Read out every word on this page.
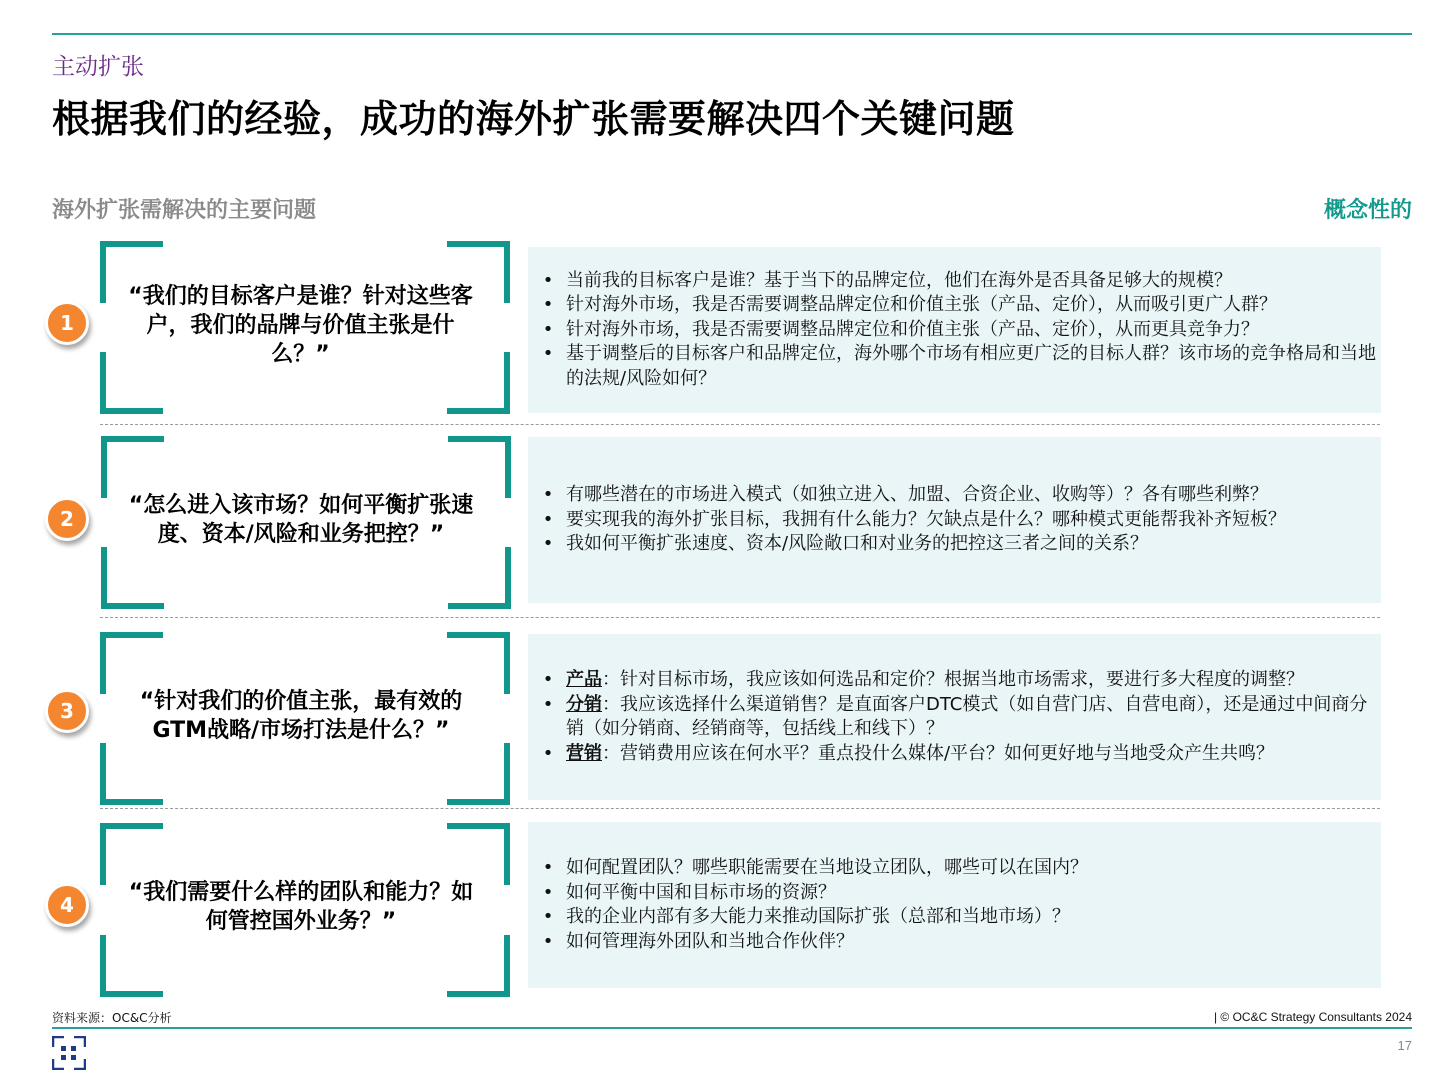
主动扩张
根据我们的经验，成功的海外扩张需要解决四个关键问题
海外扩张需解决的主要问题	概念性的
1
“我们的目标客户是谁？针对这些客户，我们的品牌与价值主张是什么？”
• 当前我的目标客户是谁？基于当下的品牌定位，他们在海外是否具备足够大的规模？
• 针对海外市场，我是否需要调整品牌定位和价值主张（产品、定价），从而吸引更广人群？
• 针对海外市场，我是否需要调整品牌定位和价值主张（产品、定价），从而更具竞争力？
• 基于调整后的目标客户和品牌定位，海外哪个市场有相应更广泛的目标人群？该市场的竞争格局和当地的法规/风险如何？
2
“怎么进入该市场？如何平衡扩张速度、资本/风险和业务把控？”
• 有哪些潜在的市场进入模式（如独立进入、加盟、合资企业、收购等）？各有哪些利弊？
• 要实现我的海外扩张目标，我拥有什么能力？欠缺点是什么？哪种模式更能帮我补齐短板？
• 我如何平衡扩张速度、资本/风险敞口和对业务的把控这三者之间的关系？
3	“针对我们的价值主张，最有效的GTM战略/市场打法是什么？”
• 产品：针对目标市场，我应该如何选品和定价？根据当地市场需求，要进行多大程度的调整？
• 分销：我应该选择什么渠道销售？是直面客户DTC模式（如自营门店、自营电商），还是通过中间商分销（如分销商、经销商等，包括线上和线下）？
• 营销：营销费用应该在何水平？重点投什么媒体/平台？如何更好地与当地受众产生共鸣？
4	“我们需要什么样的团队和能力？如何管控国外业务？”
• 如何配置团队？哪些职能需要在当地设立团队，哪些可以在国内？
• 如何平衡中国和目标市场的资源？
• 我的企业内部有多大能力来推动国际扩张（总部和当地市场）？
• 如何管理海外团队和当地合作伙伴？
资料来源：OC&C分析	| © OC&C Strategy Consultants 2024
17
